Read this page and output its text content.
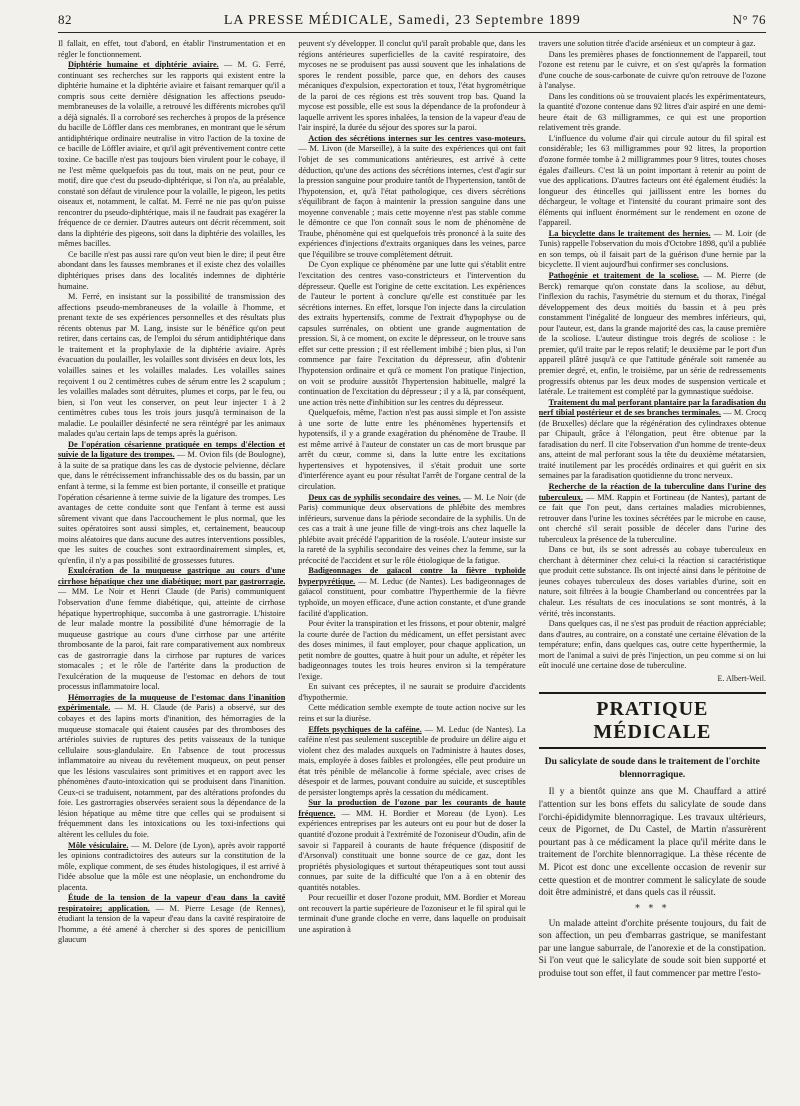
82	LA PRESSE MÉDICALE, Samedi, 23 Septembre 1899	N° 76

Il fallait, en effet, tout d'abord, en établir l'instrumentation et en régler le fonctionnement.

Diphtérie humaine et diphtérie aviaire. — M. G. Ferré, continuant ses recherches sur les rapports qui existent entre la diphtérie humaine et la diphtérie aviaire et faisant remarquer qu'il a compris sous cette dernière désignation les affections pseudo-membraneuses de la volaille, a retrouvé les différents microbes qu'il a déjà signalés. Il a corroboré ses recherches à propos de la présence du bacille de Löffler dans ces membranes, en montrant que le sérum antidiphtérique ordinaire neutralise in vitro l'action de la toxine de ce bacille de Löffler aviaire, et qu'il agit préventivement contre cette toxine. Ce bacille n'est pas toujours bien virulent pour le cobaye, il ne l'est même quelquefois pas du tout, mais on ne peut, pour ce motif, dire que c'est du pseudo-diphtérique, si l'on n'a, au préalable, constaté son défaut de virulence pour la volaille, le pigeon, les petits oiseaux et, notamment, le calfat. M. Ferré ne nie pas qu'on puisse rencontrer du pseudo-diphtérique, mais il ne faudrait pas exagérer la fréquence de ce dernier. D'autres auteurs ont décrit récemment, soit dans la diphtérie des pigeons, soit dans la diphtérie des volailles, les mêmes bacilles.

Ce bacille n'est pas aussi rare qu'on veut bien le dire; il peut être abondant dans les fausses membranes et il existe chez des volailles diphtériques prises dans des localités indemnes de diphtérie humaine.

M. Ferré, en insistant sur la possibilité de transmission des affections pseudo-membraneuses de la volaille à l'homme, et prenant texte de ses expériences personnelles et des résultats plus récents obtenus par M. Lang, insiste sur le bénéfice qu'on peut retirer, dans certains cas, de l'emploi du sérum antidiphtérique dans le traitement et la prophylaxie de la diphtérie aviaire. Après évacuation du poulailler, les volailles sont divisées en deux lots, les volailles saines et les volailles malades. Les volailles saines reçoivent 1 ou 2 centimètres cubes de sérum entre les 2 scapulum ; les volailles malades sont détruites, plumes et corps, par le feu, ou bien, si l'on veut les conserver, on peut leur injecter 1 à 2 centimètres cubes tous les trois jours jusqu'à terminaison de la maladie. Le poulailler désinfecté ne sera réintégré par les animaux malades qu'au certain laps de temps après la guérison.

De l'opération césarienne pratiquée en temps d'élection et suivie de la ligature des trompes. — M. Ovion fils (de Boulogne), à la suite de sa pratique dans les cas de dystocie pelvienne, déclare que, dans le rétrécissement infranchissable des os du bassin, par un enfant à terme, si la femme est bien portante, il conseille et pratique l'opération césarienne à terme suivie de la ligature des trompes. Les avantages de cette conduite sont que l'enfant à terme est aussi sûrement vivant que dans l'accouchement le plus normal, que les suites opératoires sont aussi simples, et, certainement, beaucoup moins aléatoires que dans aucune des autres interventions possibles, que les suites de couches sont extraordinairement simples, et, qu'enfin, il n'y a pas possibilité de grossesses futures.

Exulcération de la muqueuse gastrique au cours d'une cirrhose hépatique chez une diabétique; mort par gastrorragie. — MM. Le Noir et Henri Claude (de Paris) communiquent l'observation d'une femme diabétique, qui, atteinte de cirrhose hépatique hypertrophique, succomba à une gastrorragie. L'histoire de leur malade montre la possibilité d'une hémorragie de la muqueuse gastrique au cours d'une cirrhose par une artérite thrombosante de la paroi, fait rare comparativement aux nombreux cas de gastrorragie dans la cirrhose par ruptures de varices stomacales ; et le rôle de l'artérite dans la production de l'exulcération de la muqueuse de l'estomac en dehors de tout processus inflammatoire local.

Hémorragies de la muqueuse de l'estomac dans l'inanition expérimentale. — M. H. Claude (de Paris) a observé, sur des cobayes et des lapins morts d'inanition, des hémorragies de la muqueuse stomacale qui étaient causées par des thromboses des artérioles suivies de ruptures des petits vaisseaux de la tunique cellulaire sous-glandulaire. En l'absence de tout processus inflammatoire au niveau du revêtement muqueux, on peut penser que les lésions vasculaires sont primitives et en rapport avec les phénomènes d'auto-intoxication qui se produisent dans l'inanition. Ceux-ci se traduisent, notamment, par des altérations profondes du foie. Les gastrorragies observées seraient sous la dépendance de la lésion hépatique au même titre que celles qui se produisent si fréquemment dans les intoxications ou les toxi-infections qui altèrent les cellules du foie.

Môle vésiculaire. — M. Delore (de Lyon), après avoir rapporté les opinions contradictoires des auteurs sur la constitution de la môle, explique comment, de ses études histologiques, il est arrivé à l'idée absolue que la môle est une néoplasie, un enchondrome du placenta.

Étude de la tension de la vapeur d'eau dans la cavité respiratoire; application. — M. Pierre Lesage (de Rennes), étudiant la tension de la vapeur d'eau dans la cavité respiratoire de l'homme, a été amené à chercher si des spores de penicillium glaucum

peuvent s'y développer. Il conclut qu'il paraît probable que, dans les régions antérieures superficielles de la cavité respiratoire, des mycoses ne se produisent pas aussi souvent que les inhalations de spores le rendent possible, parce que, en dehors des causes mécaniques d'expulsion, expectoration et toux, l'état hygrométrique de la paroi de ces régions est très souvent trop bas. Quand la mycose est possible, elle est sous la dépendance de la profondeur à laquelle arrivent les spores inhalées, la tension de la vapeur d'eau de l'air inspiré, la durée du séjour des spores sur la paroi.

Action des sécrétions internes sur les centres vaso-moteurs. — M. Livon (de Marseille), à la suite des expériences qui ont fait l'objet de ses communications antérieures, est arrivé à cette déduction, qu'une des actions des sécrétions internes, c'est d'agir sur la pression sanguine pour produire tantôt de l'hypertension, tantôt de l'hypotension, et, qu'à l'état pathologique, ces divers sécrétions s'équilibrant de façon à maintenir la pression sanguine dans une moyenne convenable ; mais cette moyenne n'est pas stable comme le démontre ce que l'on connaît sous le nom de phénomène de Traube, phénomène qui est quelquefois très prononcé à la suite des expériences d'injections d'extraits organiques dans les veines, parce que l'équilibre se trouve complètement détruit.

De Cyon explique ce phénomène par une lutte qui s'établit entre l'excitation des centres vaso-constricteurs et l'intervention du dépresseur. Quelle est l'origine de cette excitation. Les expériences de l'auteur le portent à conclure qu'elle est constituée par les sécrétions internes. En effet, lorsque l'on injecte dans la circulation des extraits hypertensifs, comme de l'extrait d'hypophyse ou de capsules surrénales, on obtient une grande augmentation de pression. Si, à ce moment, on excite le dépresseur, on le trouve sans effet sur cette pression ; il est réellement imbibé ; bien plus, si l'on commence par faire l'excitation du dépresseur, afin d'obtenir l'hypotension ordinaire et qu'à ce moment l'on pratique l'injection, on voit se produire aussitôt l'hypertension habituelle, malgré la continuation de l'excitation du dépresseur ; il y a là, par conséquent, une action très nette d'inhibition sur les centres du dépresseur.

Quelquefois, même, l'action n'est pas aussi simple et l'on assiste à une sorte de lutte entre les phénomènes hypertensifs et hypotensifs, il y a grande exagération du phénomène de Traube. Il est même arrivé à l'auteur de constater un cas de mort brusque par arrêt du cœur, comme si, dans la lutte entre les excitations hypertensives et hypotensives, il s'était produit une sorte d'interférence ayant eu pour résultat l'arrêt de l'organe central de la circulation.

Deux cas de syphilis secondaire des veines. — M. Le Noir (de Paris) communique deux observations de phlébite des membres inférieurs, survenue dans la période secondaire de la syphilis. Un de ces cas a trait à une jeune fille de vingt-trois ans chez laquelle la phlébite avait précédé l'apparition de la roséole. L'auteur insiste sur la rareté de la syphilis secondaire des veines chez la femme, sur la précocité de l'accident et sur le rôle étiologique de la fatigue.

Badigeonnages de gaïacol contre la fièvre typhoïde hyperpyrétique. — M. Leduc (de Nantes). Les badigeonnages de gaïacol constituent, pour combattre l'hyperthermie de la fièvre typhoïde, un moyen efficace, d'une action constante, et d'une grande facilité d'application.

Pour éviter la transpiration et les frissons, et pour obtenir, malgré la courte durée de l'action du médicament, un effet persistant avec des doses minimes, il faut employer, pour chaque application, un petit nombre de gouttes, quatre à huit pour un adulte, et répéter les badigeonnages toutes les trois heures environ si la température l'exige.

En suivant ces préceptes, il ne saurait se produire d'accidents d'hypothermie.

Cette médication semble exempte de toute action nocive sur les reins et sur la diurèse.

Effets psychiques de la caféine. — M. Leduc (de Nantes). La caféine n'est pas seulement susceptible de produire un délire aigu et violent chez des malades auxquels on l'administre à hautes doses, mais, employée à doses faibles et prolongées, elle peut produire un état très pénible de mélancolie à forme spéciale, avec crises de désespoir et de larmes, pouvant conduire au suicide, et susceptibles de persister longtemps après la cessation du médicament.

Sur la production de l'ozone par les courants de haute fréquence. — MM. H. Bordier et Moreau (de Lyon). Les expériences entreprises par les auteurs ont eu pour but de doser la quantité d'ozone produit à l'extrémité de l'ozoniseur d'Oudin, afin de savoir si l'appareil à courants de haute fréquence (dispositif de d'Arsonval) constituait une bonne source de ce gaz, dont les propriétés physiologiques et surtout thérapeutiques sont tout aussi connues, par suite de la difficulté que l'on a à en obtenir des quantités notables.

Pour recueillir et doser l'ozone produit, MM. Bordier et Moreau ont recouvert la partie supérieure de l'ozoniseur et le fil spiral qui le terminait d'une grande cloche en verre, dans laquelle on produisait une aspiration à

travers une solution titrée d'acide arsénieux et un compteur à gaz.

Dans les premières phases de fonctionnement de l'appareil, tout l'ozone est retenu par le cuivre, et on s'est qu'après la formation d'une couche de sous-carbonate de cuivre qu'on retrouve de l'ozone à l'analyse.

Dans les conditions où se trouvaient placés les expérimentateurs, la quantité d'ozone contenue dans 92 litres d'air aspiré en une demi-heure était de 63 milligrammes, ce qui est une proportion relativement très grande.

L'influence du volume d'air qui circule autour du fil spiral est considérable; les 63 milligrammes pour 92 litres, la proportion d'ozone formée tombe à 2 milligrammes pour 9 litres, toutes choses égales d'ailleurs. C'est là un point important à retenir au point de vue des applications. D'autres facteurs ont été également étudiés: la longueur des étincelles qui jaillissent entre les bornes du déchargeur, le voltage et l'intensité du courant primaire sont des éléments qui influent énormément sur le rendement en ozone de l'appareil.

La bicyclette dans le traitement des hernies. — M. Loir (de Tunis) rappelle l'observation du mois d'Octobre 1898, qu'il a publiée en son temps, où il faisait part de la guérison d'une hernie par la bicyclette. Il vient aujourd'hui confirmer ses conclusions.

Pathogénie et traitement de la scoliose. — M. Pierre (de Berck) remarque qu'on constate dans la scoliose, au début, l'inflexion du rachis, l'asymétrie du sternum et du thorax, l'inégal développement des deux moitiés du bassin et à peu près constamment l'inégalité de longueur des membres inférieurs, qui, pour l'auteur, est, dans la grande majorité des cas, la cause première de la scoliose. L'auteur distingue trois degrés de scoliose : le premier, qu'il traite par le repos relatif; le deuxième par le port d'un appareil plâtré jusqu'à ce que l'attitude générale soit ramenée au premier degré, et, enfin, le troisième, par un série de redressements progressifs obtenus par les deux modes de suspension verticale et latérale. Le traitement est complété par la gymnastique suédoise.

Traitement du mal perforant plantaire par la faradisation du nerf tibial postérieur et de ses branches terminales. — M. Crocq (de Bruxelles) déclare que la régénération des cylindraxes obtenue par Chipault, grâce à l'élongation, peut être obtenue par la faradisation du nerf. Il cite l'observation d'un homme de trente-deux ans, atteint de mal perforant sous la tête du deuxième métatarsien, traité inutilement par les procédés ordinaires et qui guérit en six semaines par la faradisation quotidienne du tronc nerveux.

Recherche de la réaction de la tuberculine dans l'urine des tuberculeux. — MM. Rappin et Fortineau (de Nantes), partant de ce fait que l'on peut, dans certaines maladies microbiennes, retrouver dans l'urine les toxines sécrétées par le microbe en cause, ont cherché s'il serait possible de déceler dans l'urine des tuberculeux la présence de la tuberculine.

Dans ce but, ils se sont adressés au cobaye tuberculeux en cherchant à déterminer chez celui-ci la réaction si caractéristique que produit cette substance. Ils ont injecté ainsi dans le péritoine de jeunes cobayes tuberculeux des doses variables d'urine, soit en nature, soit filtrées à la bougie Chamberland ou concentrées par la chaleur. Les résultats de ces inoculations se sont montrés, à la vérité, très inconstants.

Dans quelques cas, il ne s'est pas produit de réaction appréciable; dans d'autres, au contraire, on a constaté une certaine élévation de la température; enfin, dans quelques cas, outre cette hyperthermie, la mort de l'animal a suivi de près l'injection, un peu comme si on lui eût inoculé une certaine dose de tuberculine.

E. Albert-Weil.

PRATIQUE MÉDICALE
Du salicylate de soude dans le traitement de l'orchite blennorragique.

Il y a bientôt quinze ans que M. Chauffard a attiré l'attention sur les bons effets du salicylate de soude dans l'orchi-épididymite blennorragique. Les travaux ultérieurs, ceux de Pigornet, de Du Castel, de Martin n'assurèrent pourtant pas à ce médicament la place qu'il mérite dans le traitement de l'orchite blennorragique. La thèse récente de M. Picot est donc une excellente occasion de revenir sur cette question et de montrer comment le salicylate de soude doit être administré, et dans quels cas il réussit.

* * *

Un malade atteint d'orchite présente toujours, du fait de son affection, un peu d'embarras gastrique, se manifestant par une langue saburrale, de l'anorexie et de la constipation. Si l'on veut que le salicylate de soude soit bien supporté et produise tout son effet, il faut commencer par mettre l'esto-
